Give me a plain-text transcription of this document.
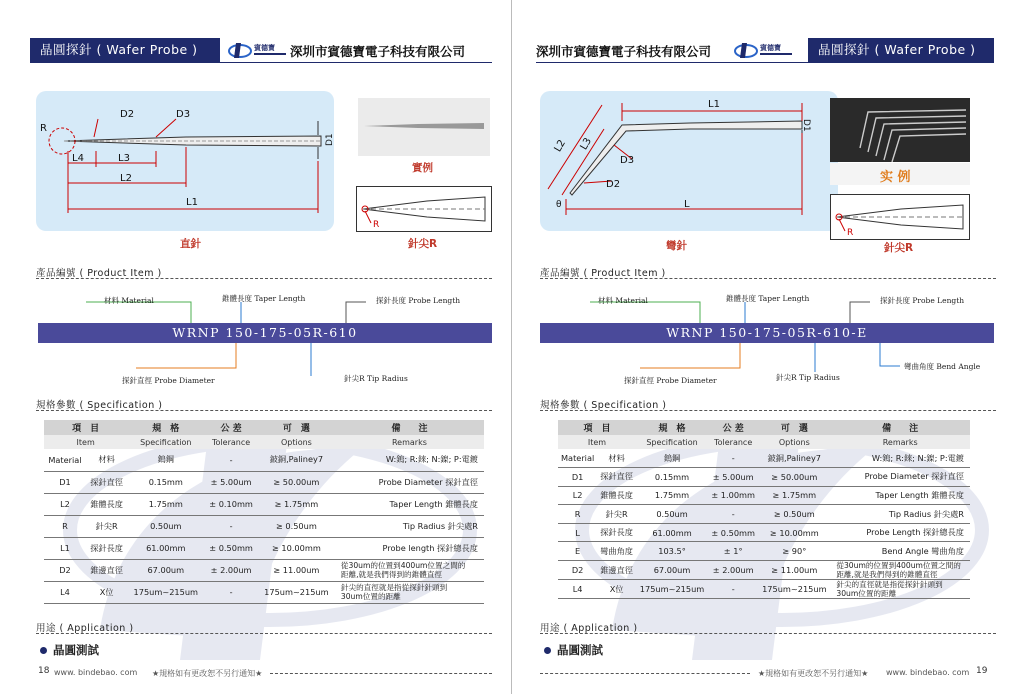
晶圓探針 ( Wafer Probe )	賓德寶 深圳市賓德寶電子科技有限公司
R
D2	D3
D1
L4	L3
L2
L1
實例
R
直針	針尖R
產品編號 ( Product Item )
材料 Material	錐體長度 Taper Length	探針長度 Probe Length
WRNP 150-175-05R-610
探針直徑 Probe Diameter	針尖R Tip Radius
規格參數 ( Specification )
項　目		規　格	公 差	可　選	備　　注
Item		Specification	Tolerance	Options	Remarks
Material	材料	鎢鋼	-	鈹銅,Paliney7	W:鎢; R:錸; N:鎳; P:電鍍
D1	探針直徑	0.15mm	± 5.00um	≥ 50.00um	Probe Diameter 探針直徑
L2	錐體長度	1.75mm	± 0.10mm	≥ 1.75mm	Taper Length 錐體長度
R	針尖R	0.50um	-	≥ 0.50um	Tip Radius 針尖處R
L1	探針長度	61.00mm	± 0.50mm	≥ 10.00mm	Probe length 探針總長度
D2	錐邊直徑	67.00um	± 2.00um	≥ 11.00um	從30um的位置到400um位置之間的
距離,就是我們得到的錐體直徑
L4	X位	175um~215um	-	175um~215um	針尖的直徑就是指從探針針頭到
30um位置的距離
用途 ( Application )
晶圓測試
18 www. bindebao. com ★規格如有更改恕不另行通知★
深圳市賓德寶電子科技有限公司	賓德寶	晶圓探針 ( Wafer Probe )
L1
L2 L3
D1
D3
D2
L
θ
实 例
R
彎針	針尖R
產品編號 ( Product Item )
材料 Material	錐體長度 Taper Length	探針長度 Probe Length
WRNP 150-175-05R-610-E
探針直徑 Probe Diameter	針尖R Tip Radius
彎曲角度 Bend Angle
規格參數 ( Specification )
項　目		規　格	公 差	可　選	備　　注
Item		Specification	Tolerance	Options	Remarks
Material	材料	鎢鋼	-	鈹銅,Paliney7	W:鎢; R:錸; N:鎳; P:電鍍
D1	探針直徑	0.15mm	± 5.00um	≥ 50.00um	Probe Diameter 探針直徑
L2	錐體長度	1.75mm	± 1.00mm	≥ 1.75mm	Taper Length 錐體長度
R	針尖R	0.50um	-	≥ 0.50um	Tip Radius 針尖處R
L	探針長度	61.00mm	± 0.50mm	≥ 10.00mm	Probe Length 探針總長度
E	彎曲角度	103.5°	± 1°	≥ 90°	Bend Angle 彎曲角度
D2	錐邊直徑	67.00um	± 2.00um	≥ 11.00um	從30um的位置到400um位置之間的
距離,就是我們得到的錐體直徑
L4	X位	175um~215um	-	175um~215um	針尖的直徑就是指從探針針頭到
30um位置的距離
用途 ( Application )
晶圓測試
★規格如有更改恕不另行通知★ www. bindebao. com 19
